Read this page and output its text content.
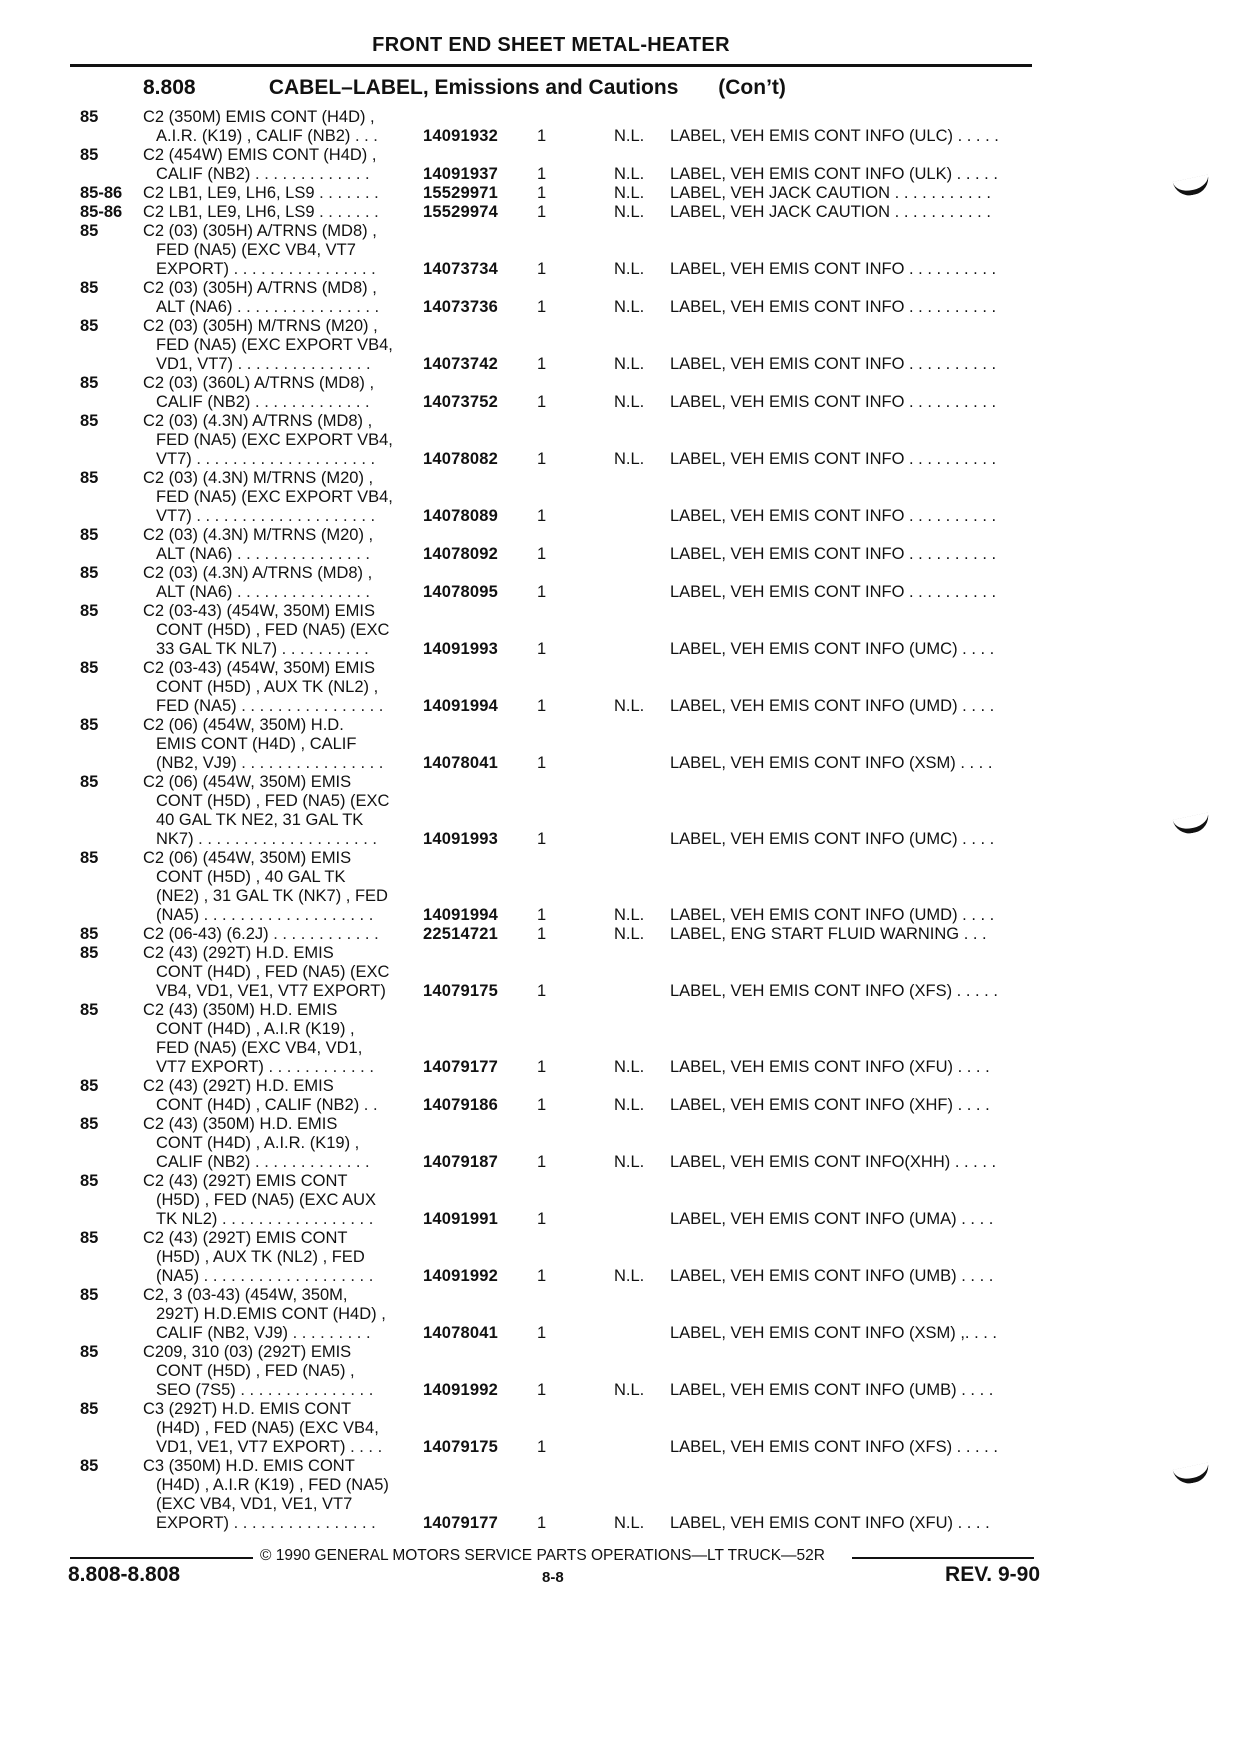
FRONT END SHEET METAL-HEATER
8.808	CABEL–LABEL, Emissions and Cautions (Con’t)
85	C2 (350M) EMIS CONT (H4D) ,
A.I.R. (K19) , CALIF (NB2) . . .	14091932 1	N.L. LABEL, VEH EMIS CONT INFO (ULC) . . . . .
85	C2 (454W) EMIS CONT (H4D) ,
CALIF (NB2) . . . . . . . . . . . . .	14091937 1	N.L. LABEL, VEH EMIS CONT INFO (ULK) . . . . .
85-86	C2 LB1, LE9, LH6, LS9 . . . . . . .	15529971 1	N.L. LABEL, VEH JACK CAUTION . . . . . . . . . . .
85-86	C2 LB1, LE9, LH6, LS9 . . . . . . .	15529974 1	N.L. LABEL, VEH JACK CAUTION . . . . . . . . . . .
85	C2 (03) (305H) A/TRNS (MD8) ,
FED (NA5) (EXC VB4, VT7
EXPORT) . . . . . . . . . . . . . . . .	14073734 1	N.L. LABEL, VEH EMIS CONT INFO . . . . . . . . . .
85	C2 (03) (305H) A/TRNS (MD8) ,
ALT (NA6) . . . . . . . . . . . . . . . .	14073736 1	N.L. LABEL, VEH EMIS CONT INFO . . . . . . . . . .
85	C2 (03) (305H) M/TRNS (M20) ,
FED (NA5) (EXC EXPORT VB4,
VD1, VT7) . . . . . . . . . . . . . . .	14073742 1	N.L. LABEL, VEH EMIS CONT INFO . . . . . . . . . .
85	C2 (03) (360L) A/TRNS (MD8) ,
CALIF (NB2) . . . . . . . . . . . . .	14073752 1	N.L. LABEL, VEH EMIS CONT INFO . . . . . . . . . .
85	C2 (03) (4.3N) A/TRNS (MD8) ,
FED (NA5) (EXC EXPORT VB4,
VT7) . . . . . . . . . . . . . . . . . . . .	14078082 1	N.L. LABEL, VEH EMIS CONT INFO . . . . . . . . . .
85	C2 (03) (4.3N) M/TRNS (M20) ,
FED (NA5) (EXC EXPORT VB4,
VT7) . . . . . . . . . . . . . . . . . . . .	14078089 1	LABEL, VEH EMIS CONT INFO . . . . . . . . . .
85	C2 (03) (4.3N) M/TRNS (M20) ,
ALT (NA6) . . . . . . . . . . . . . . .	14078092 1	LABEL, VEH EMIS CONT INFO . . . . . . . . . .
85	C2 (03) (4.3N) A/TRNS (MD8) ,
ALT (NA6) . . . . . . . . . . . . . . .	14078095 1	LABEL, VEH EMIS CONT INFO . . . . . . . . . .
85	C2 (03-43) (454W, 350M) EMIS
CONT (H5D) , FED (NA5) (EXC
33 GAL TK NL7) . . . . . . . . . .	14091993 1	LABEL, VEH EMIS CONT INFO (UMC) . . . .
85	C2 (03-43) (454W, 350M) EMIS
CONT (H5D) , AUX TK (NL2) ,
FED (NA5) . . . . . . . . . . . . . . . .	14091994 1	N.L. LABEL, VEH EMIS CONT INFO (UMD) . . . .
85	C2 (06) (454W, 350M) H.D.
EMIS CONT (H4D) , CALIF
(NB2, VJ9) . . . . . . . . . . . . . . . .	14078041 1	LABEL, VEH EMIS CONT INFO (XSM) . . . .
85	C2 (06) (454W, 350M) EMIS
CONT (H5D) , FED (NA5) (EXC
40 GAL TK NE2, 31 GAL TK
NK7) . . . . . . . . . . . . . . . . . . . .	14091993 1	LABEL, VEH EMIS CONT INFO (UMC) . . . .
85	C2 (06) (454W, 350M) EMIS
CONT (H5D) , 40 GAL TK
(NE2) , 31 GAL TK (NK7) , FED
(NA5) . . . . . . . . . . . . . . . . . . .	14091994 1	N.L. LABEL, VEH EMIS CONT INFO (UMD) . . . .
85	C2 (06-43) (6.2J) . . . . . . . . . . . .	22514721 1	N.L. LABEL, ENG START FLUID WARNING . . .
85	C2 (43) (292T) H.D. EMIS
CONT (H4D) , FED (NA5) (EXC
VB4, VD1, VE1, VT7 EXPORT)	14079175 1	LABEL, VEH EMIS CONT INFO (XFS) . . . . .
85	C2 (43) (350M) H.D. EMIS
CONT (H4D) , A.I.R (K19) ,
FED (NA5) (EXC VB4, VD1,
VT7 EXPORT) . . . . . . . . . . . .	14079177 1	N.L. LABEL, VEH EMIS CONT INFO (XFU) . . . .
85	C2 (43) (292T) H.D. EMIS
CONT (H4D) , CALIF (NB2) . .	14079186 1	N.L. LABEL, VEH EMIS CONT INFO (XHF) . . . .
85	C2 (43) (350M) H.D. EMIS
CONT (H4D) , A.I.R. (K19) ,
CALIF (NB2) . . . . . . . . . . . . .	14079187 1	N.L. LABEL, VEH EMIS CONT INFO(XHH) . . . . .
85	C2 (43) (292T) EMIS CONT
(H5D) , FED (NA5) (EXC AUX
TK NL2) . . . . . . . . . . . . . . . . .	14091991 1	LABEL, VEH EMIS CONT INFO (UMA) . . . .
85	C2 (43) (292T) EMIS CONT
(H5D) , AUX TK (NL2) , FED
(NA5) . . . . . . . . . . . . . . . . . . .	14091992 1	N.L. LABEL, VEH EMIS CONT INFO (UMB) . . . .
85	C2, 3 (03-43) (454W, 350M,
292T) H.D.EMIS CONT (H4D) ,
CALIF (NB2, VJ9) . . . . . . . . .	14078041 1	LABEL, VEH EMIS CONT INFO (XSM) ,. . . .
85	C209, 310 (03) (292T) EMIS
CONT (H5D) , FED (NA5) ,
SEO (7S5) . . . . . . . . . . . . . . .	14091992 1	N.L. LABEL, VEH EMIS CONT INFO (UMB) . . . .
85	C3 (292T) H.D. EMIS CONT
(H4D) , FED (NA5) (EXC VB4,
VD1, VE1, VT7 EXPORT) . . . .	14079175 1	LABEL, VEH EMIS CONT INFO (XFS) . . . . .
85	C3 (350M) H.D. EMIS CONT
(H4D) , A.I.R (K19) , FED (NA5)
(EXC VB4, VD1, VE1, VT7
EXPORT) . . . . . . . . . . . . . . . .	14079177 1	N.L. LABEL, VEH EMIS CONT INFO (XFU) . . . .
© 1990 GENERAL MOTORS SERVICE PARTS OPERATIONS—LT TRUCK—52R
8.808-8.808	8-8	REV. 9-90
